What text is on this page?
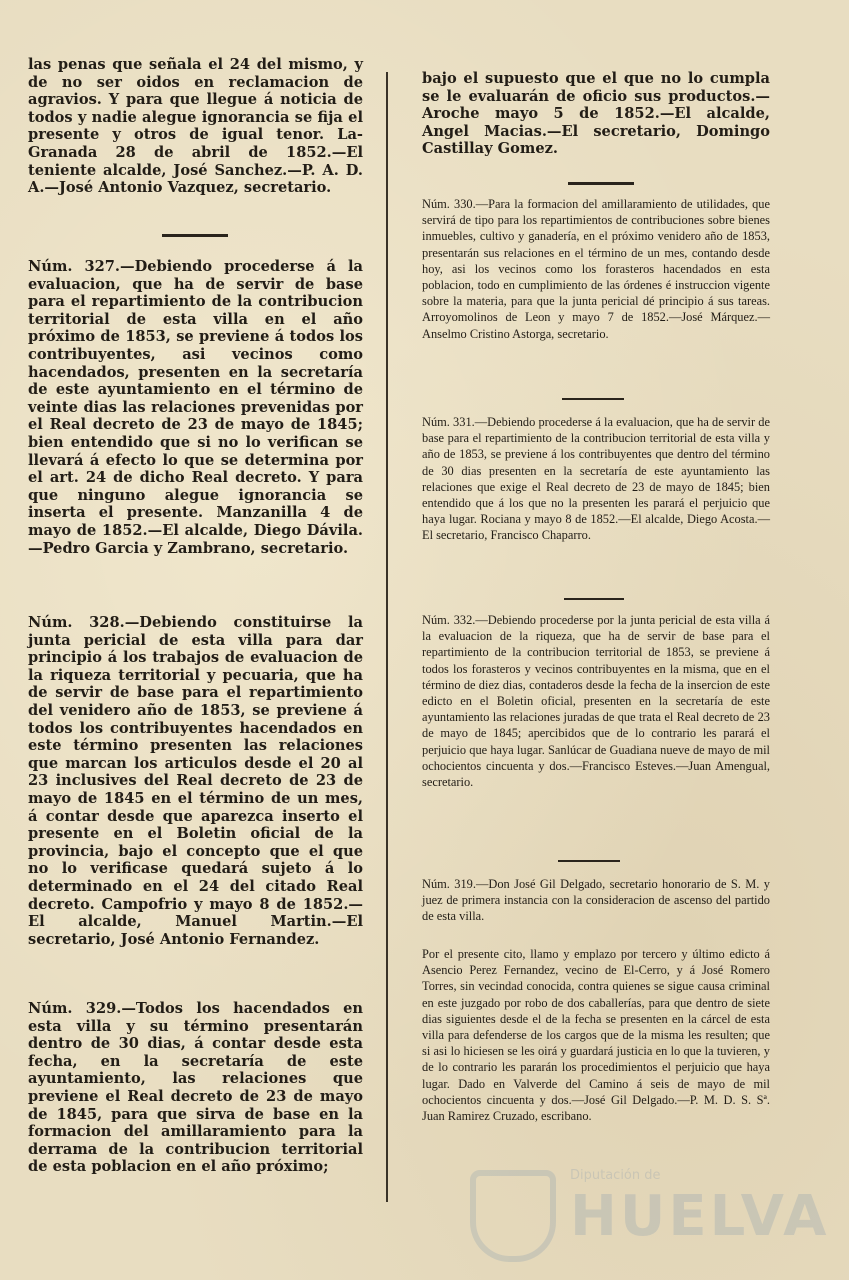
las penas que señala el 24 del mismo, y de no ser oidos en reclamacion de agravios. Y para que llegue á noticia de todos y nadie alegue ignorancia se fija el presente y otros de igual tenor. La-Granada 28 de abril de 1852.—El teniente alcalde, José Sanchez.—P. A. D. A.—José Antonio Vazquez, secretario.

Núm. 327.—Debiendo procederse á la evaluacion, que ha de servir de base para el repartimiento de la contribucion territorial de esta villa en el año próximo de 1853, se previene á todos los contribuyentes, asi vecinos como hacendados, presenten en la secretaría de este ayuntamiento en el término de veinte dias las relaciones prevenidas por el Real decreto de 23 de mayo de 1845; bien entendido que si no lo verifican se llevará á efecto lo que se determina por el art. 24 de dicho Real decreto. Y para que ninguno alegue ignorancia se inserta el presente. Manzanilla 4 de mayo de 1852.—El alcalde, Diego Dávila.—Pedro Garcia y Zambrano, secretario.

Núm. 328.—Debiendo constituirse la junta pericial de esta villa para dar principio á los trabajos de evaluacion de la riqueza territorial y pecuaria, que ha de servir de base para el repartimiento del venidero año de 1853, se previene á todos los contribuyentes hacendados en este término presenten las relaciones que marcan los articulos desde el 20 al 23 inclusives del Real decreto de 23 de mayo de 1845 en el término de un mes, á contar desde que aparezca inserto el presente en el Boletin oficial de la provincia, bajo el concepto que el que no lo verificase quedará sujeto á lo determinado en el 24 del citado Real decreto. Campofrio y mayo 8 de 1852.—El alcalde, Manuel Martin.—El secretario, José Antonio Fernandez.

Núm. 329.—Todos los hacendados en esta villa y su término presentarán dentro de 30 dias, á contar desde esta fecha, en la secretaría de este ayuntamiento, las relaciones que previene el Real decreto de 23 de mayo de 1845, para que sirva de base en la formacion del amillaramiento para la derrama de la contribucion territorial de esta poblacion en el año próximo;

bajo el supuesto que el que no lo cumpla se le evaluarán de oficio sus productos.—Aroche mayo 5 de 1852.—El alcalde, Angel Macias.—El secretario, Domingo Castillay Gomez.

Núm. 330.—Para la formacion del amillaramiento de utilidades, que servirá de tipo para los repartimientos de contribuciones sobre bienes inmuebles, cultivo y ganadería, en el próximo venidero año de 1853, presentarán sus relaciones en el término de un mes, contando desde hoy, asi los vecinos como los forasteros hacendados en esta poblacion, todo en cumplimiento de las órdenes é instruccion vigente sobre la materia, para que la junta pericial dé principio á sus tareas. Arroyomolinos de Leon y mayo 7 de 1852.—José Márquez.—Anselmo Cristino Astorga, secretario.

Núm. 331.—Debiendo procederse á la evaluacion, que ha de servir de base para el repartimiento de la contribucion territorial de esta villa y año de 1853, se previene á los contribuyentes que dentro del término de 30 dias presenten en la secretaría de este ayuntamiento las relaciones que exige el Real decreto de 23 de mayo de 1845; bien entendido que á los que no la presenten les parará el perjuicio que haya lugar. Rociana y mayo 8 de 1852.—El alcalde, Diego Acosta.—El secretario, Francisco Chaparro.

Núm. 332.—Debiendo procederse por la junta pericial de esta villa á la evaluacion de la riqueza, que ha de servir de base para el repartimiento de la contribucion territorial de 1853, se previene á todos los forasteros y vecinos contribuyentes en la misma, que en el término de diez dias, contaderos desde la fecha de la insercion de este edicto en el Boletin oficial, presenten en la secretaría de este ayuntamiento las relaciones juradas de que trata el Real decreto de 23 de mayo de 1845; apercibidos que de lo contrario les parará el perjuicio que haya lugar. Sanlúcar de Guadiana nueve de mayo de mil ochocientos cincuenta y dos.—Francisco Esteves.—Juan Amengual, secretario.

Núm. 319.—Don José Gil Delgado, secretario honorario de S. M. y juez de primera instancia con la consideracion de ascenso del partido de esta villa.

Por el presente cito, llamo y emplazo por tercero y último edicto á Asencio Perez Fernandez, vecino de El-Cerro, y á José Romero Torres, sin vecindad conocida, contra quienes se sigue causa criminal en este juzgado por robo de dos caballerías, para que dentro de siete dias siguientes desde el de la fecha se presenten en la cárcel de esta villa para defenderse de los cargos que de la misma les resulten; que si asi lo hiciesen se les oirá y guardará justicia en lo que la tuvieren, y de lo contrario les pararán los procedimientos el perjuicio que haya lugar. Dado en Valverde del Camino á seis de mayo de mil ochocientos cincuenta y dos.—José Gil Delgado.—P. M. D. S. Sª. Juan Ramirez Cruzado, escribano.

Diputación de
HUELVA
